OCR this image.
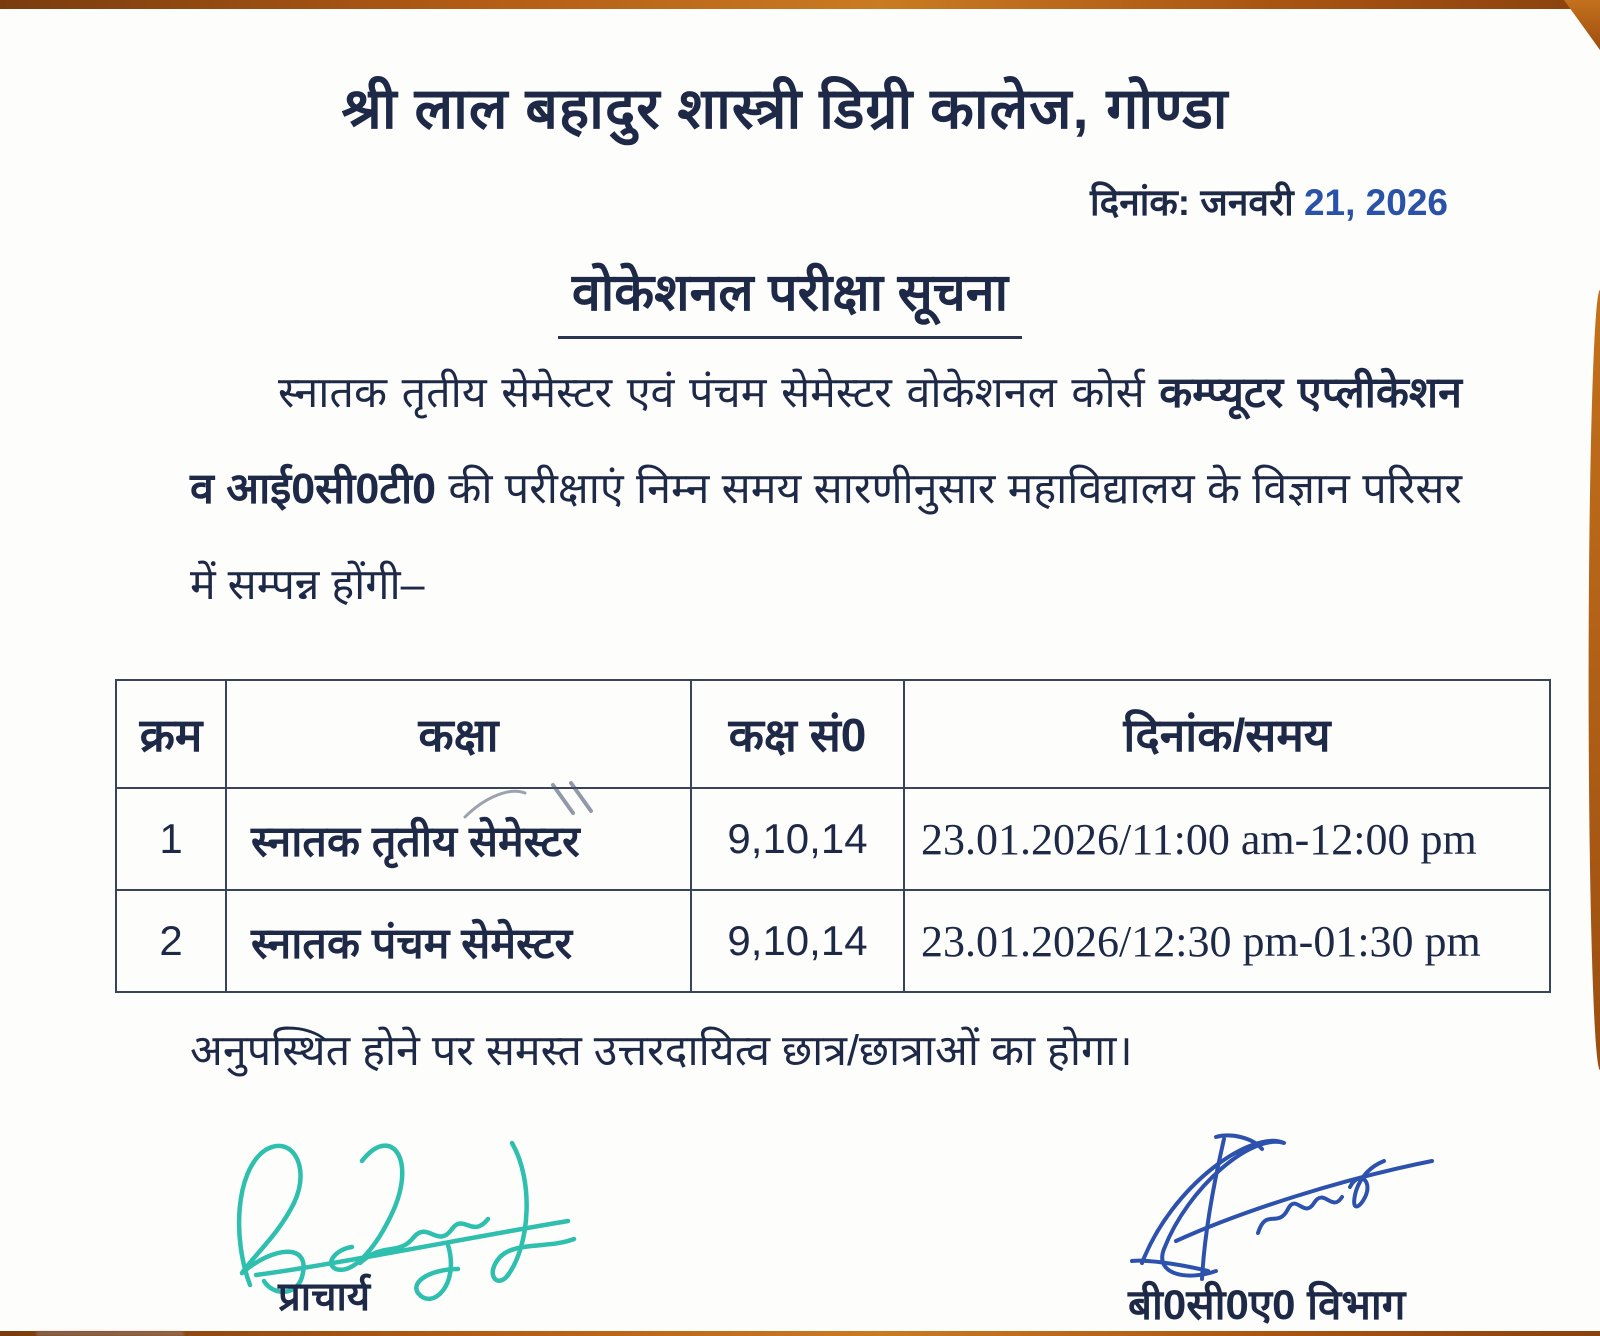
श्री लाल बहादुर शास्त्री डिग्री कालेज, गोण्डा
दिनांक: जनवरी 21, 2026
वोकेशनल परीक्षा सूचना
स्नातक तृतीय सेमेस्टर एवं पंचम सेमेस्टर वोकेशनल कोर्स कम्प्यूटर एप्लीकेशन व आई0सी0टी0 की परीक्षाएं निम्न समय सारणीनुसार महाविद्यालय के विज्ञान परिसर में सम्पन्न होंगी–
क्रम	कक्षा	कक्ष सं0	दिनांक/समय
1	स्नातक तृतीय सेमेस्टर	9,10,14	23.01.2026/11:00 am-12:00 pm
2	स्नातक पंचम सेमेस्टर	9,10,14	23.01.2026/12:30 pm-01:30 pm
अनुपस्थित होने पर समस्त उत्तरदायित्व छात्र/छात्राओं का होगा।
प्राचार्य	बी0सी0ए0 विभाग
